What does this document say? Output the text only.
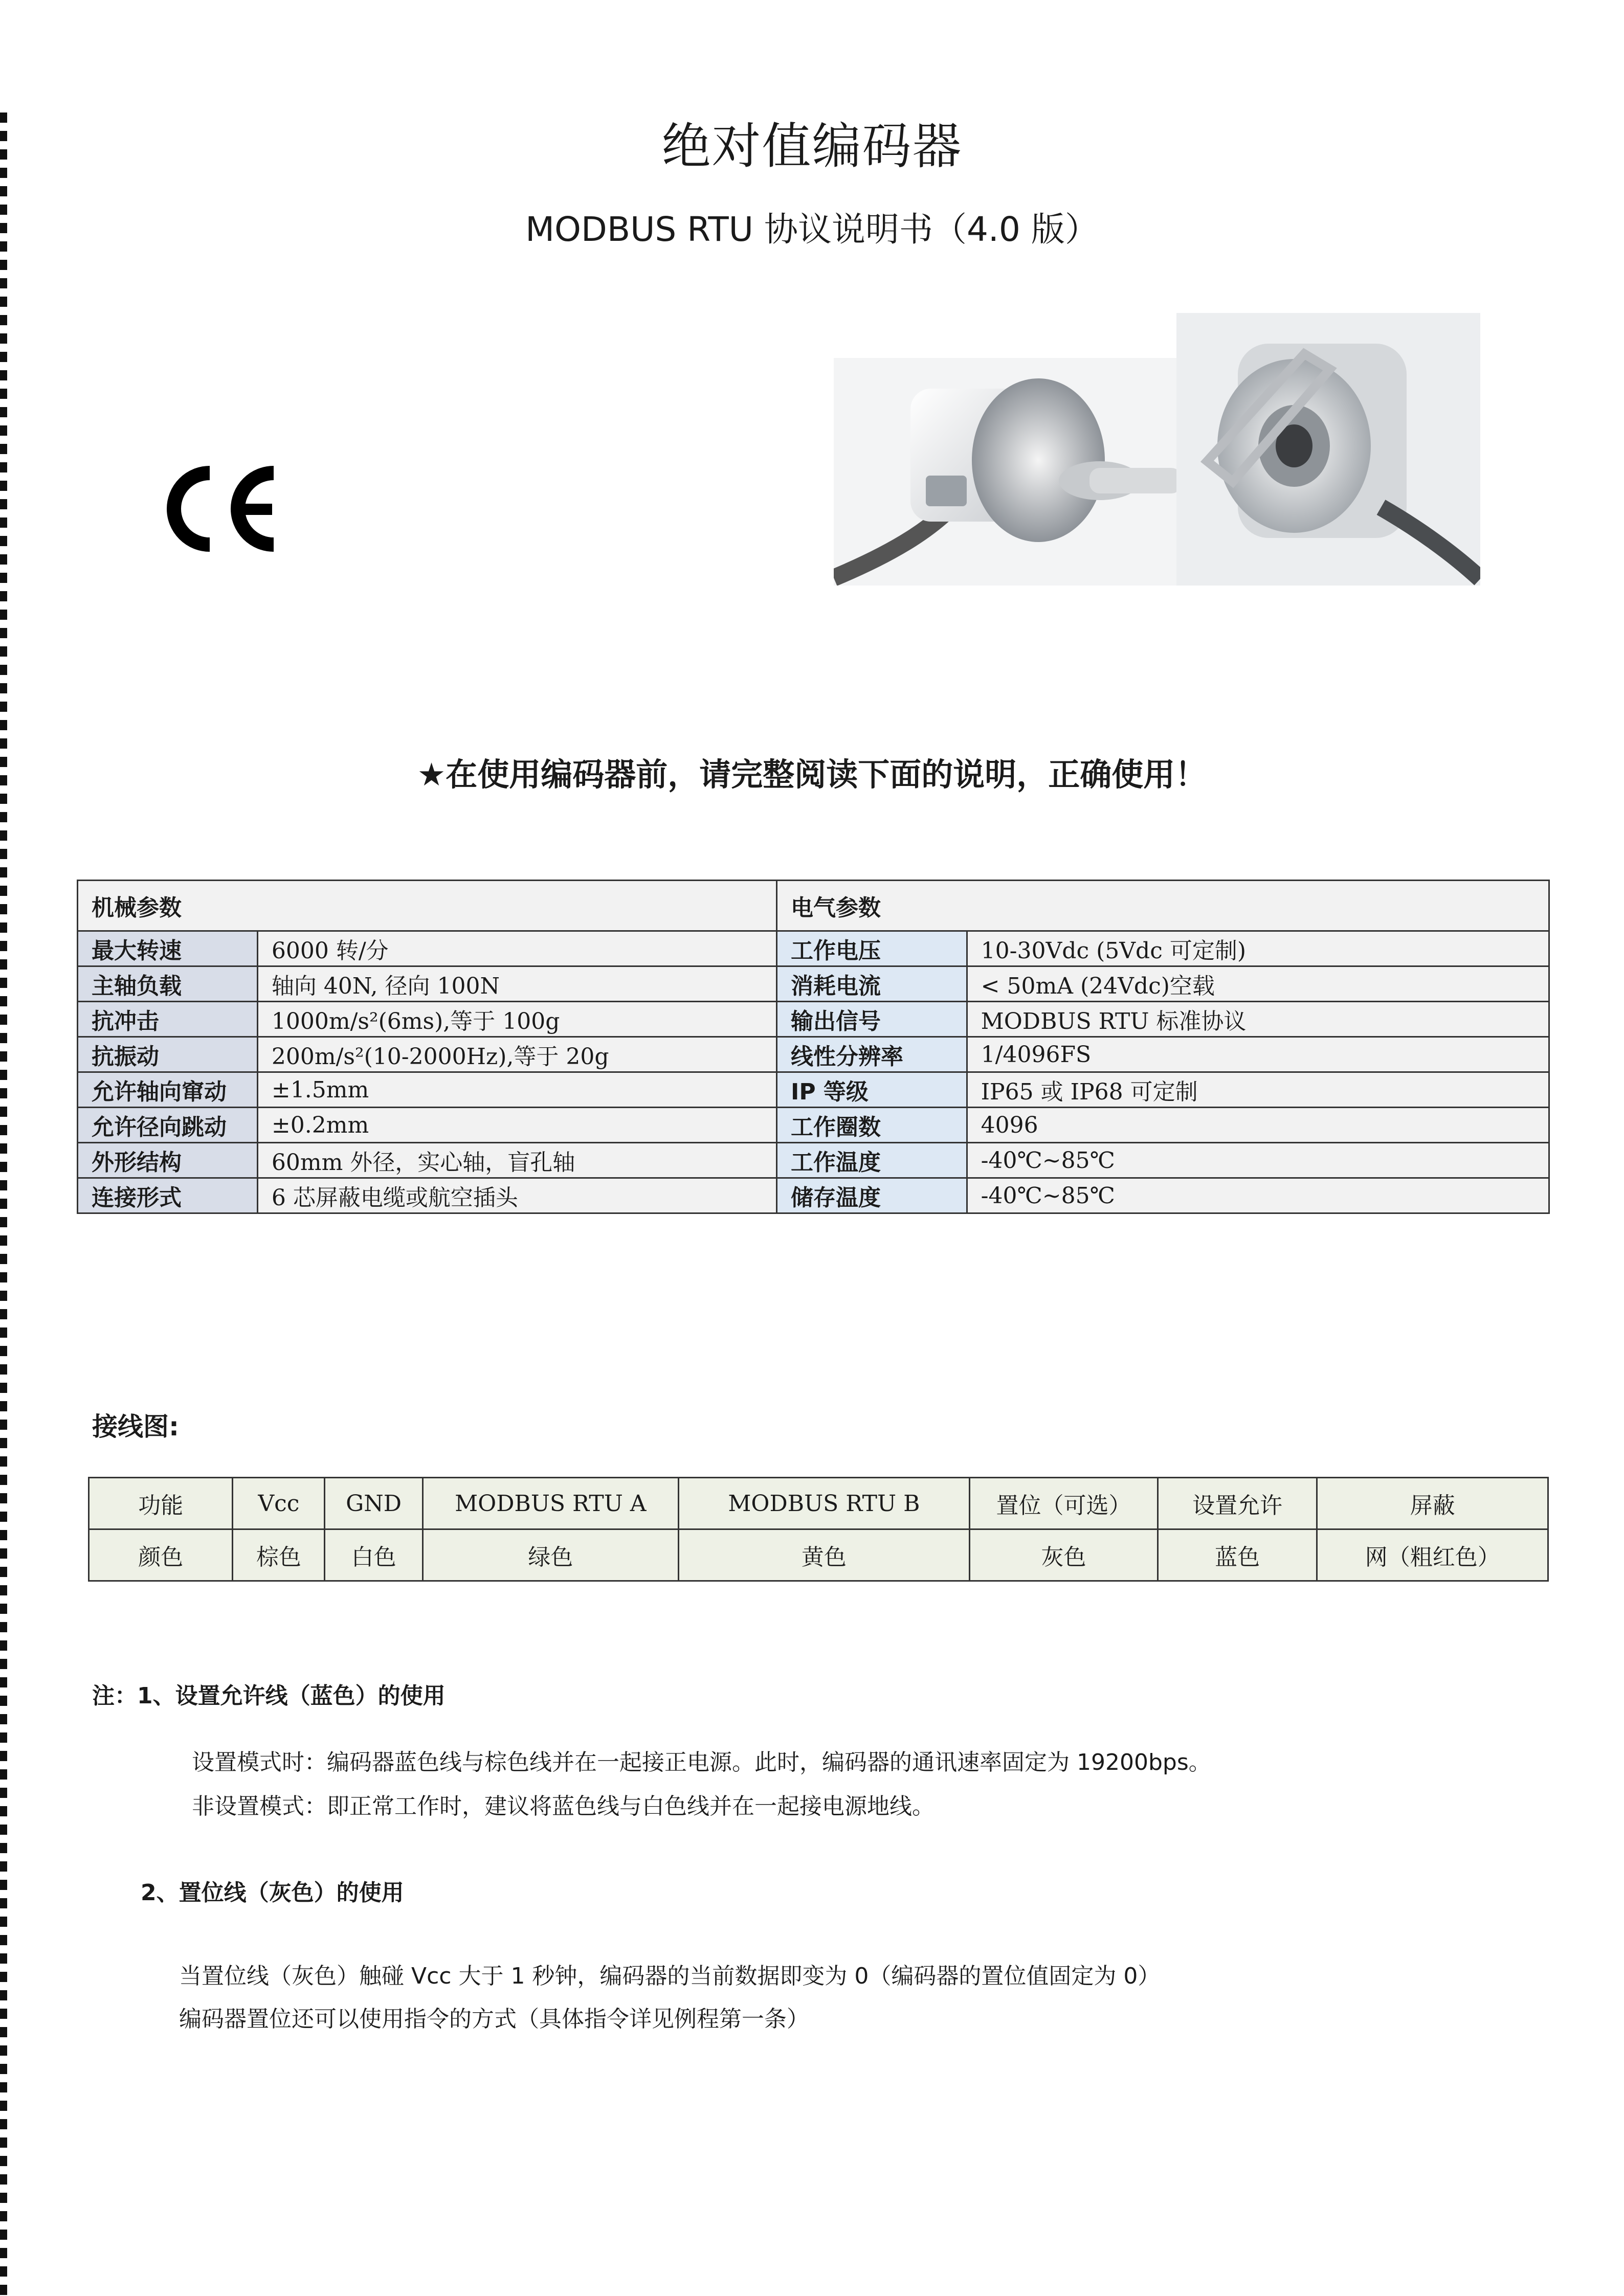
绝对值编码器
MODBUS RTU 协议说明书（4.0 版）
★在使用编码器前，请完整阅读下面的说明，正确使用！
机械参数		电气参数	
最大转速	6000 转/分	工作电压	10-30Vdc (5Vdc 可定制)
主轴负载	轴向 40N, 径向 100N	消耗电流	< 50mA (24Vdc)空载
抗冲击	1000m/s²(6ms),等于 100g	输出信号	MODBUS RTU 标准协议
抗振动	200m/s²(10-2000Hz),等于 20g	线性分辨率	1/4096FS
允许轴向窜动	±1.5mm	IP 等级	IP65 或 IP68 可定制
允许径向跳动	±0.2mm	工作圈数	4096
外形结构	60mm 外径，实心轴，盲孔轴	工作温度	-40℃~85℃
连接形式	6 芯屏蔽电缆或航空插头	储存温度	-40℃~85℃
接线图:
功能	Vcc	GND	MODBUS RTU A	MODBUS RTU B	置位（可选）	设置允许	屏蔽
颜色	棕色	白色	绿色	黄色	灰色	蓝色	网（粗红色）
注：1、设置允许线（蓝色）的使用
设置模式时：编码器蓝色线与棕色线并在一起接正电源。此时，编码器的通讯速率固定为 19200bps。
非设置模式：即正常工作时，建议将蓝色线与白色线并在一起接电源地线。
2、置位线（灰色）的使用
当置位线（灰色）触碰 Vcc 大于 1 秒钟，编码器的当前数据即变为 0（编码器的置位值固定为 0）
编码器置位还可以使用指令的方式（具体指令详见例程第一条）
